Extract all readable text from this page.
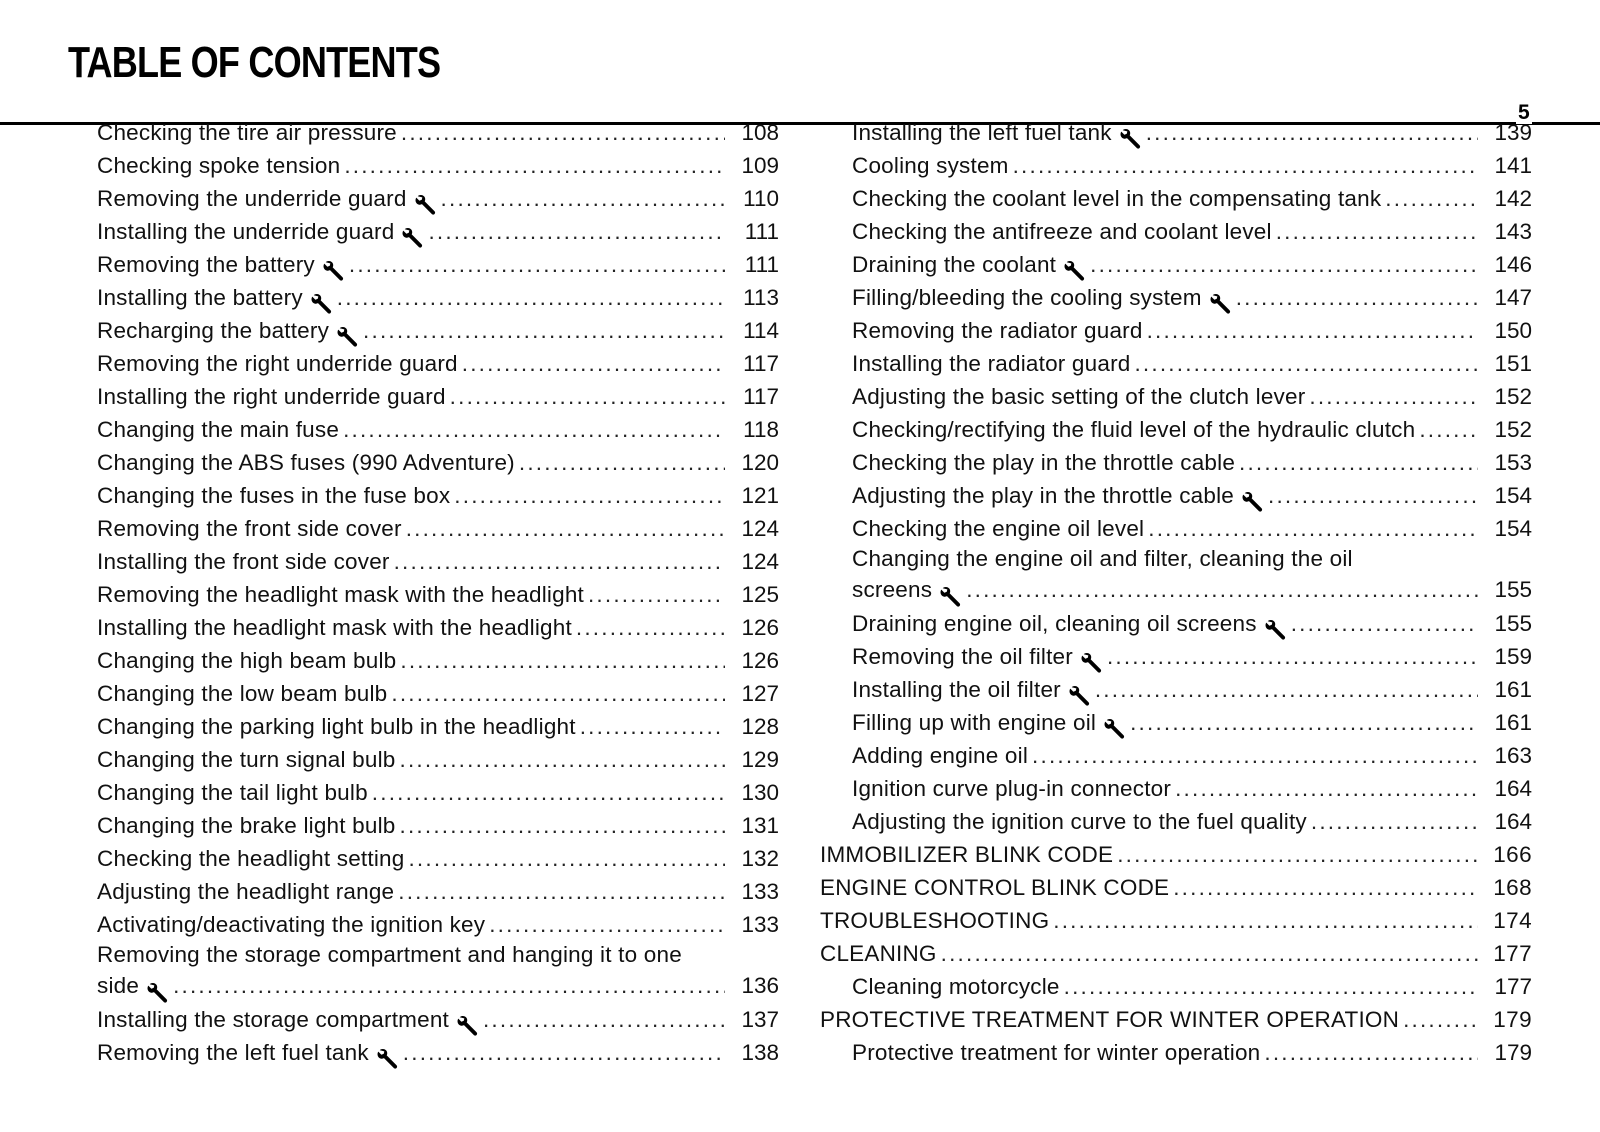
TABLE OF CONTENTS
5
Checking the tire air pressure .....	108
Checking spoke tension .....	109
Removing the underride guard .....	110
Installing the underride guard .....	111
Removing the battery .....	111
Installing the battery .....	113
Recharging the battery .....	114
Removing the right underride guard .....	117
Installing the right underride guard .....	117
Changing the main fuse .....	118
Changing the ABS fuses (990 Adventure) .....	120
Changing the fuses in the fuse box .....	121
Removing the front side cover .....	124
Installing the front side cover .....	124
Removing the headlight mask with the headlight .....	125
Installing the headlight mask with the headlight .....	126
Changing the high beam bulb .....	126
Changing the low beam bulb .....	127
Changing the parking light bulb in the headlight .....	128
Changing the turn signal bulb .....	129
Changing the tail light bulb .....	130
Changing the brake light bulb .....	131
Checking the headlight setting .....	132
Adjusting the headlight range .....	133
Activating/deactivating the ignition key .....	133
Removing the storage compartment and hanging it to one
side .....	136
Installing the storage compartment .....	137
Removing the left fuel tank .....	138
Installing the left fuel tank .....	139
Cooling system .....	141
Checking the coolant level in the compensating tank .....	142
Checking the antifreeze and coolant level .....	143
Draining the coolant .....	146
Filling/bleeding the cooling system .....	147
Removing the radiator guard .....	150
Installing the radiator guard .....	151
Adjusting the basic setting of the clutch lever .....	152
Checking/rectifying the fluid level of the hydraulic clutch .....	152
Checking the play in the throttle cable .....	153
Adjusting the play in the throttle cable .....	154
Checking the engine oil level .....	154
Changing the engine oil and filter, cleaning the oil
screens .....	155
Draining engine oil, cleaning oil screens .....	155
Removing the oil filter .....	159
Installing the oil filter .....	161
Filling up with engine oil .....	161
Adding engine oil .....	163
Ignition curve plug-in connector .....	164
Adjusting the ignition curve to the fuel quality .....	164
IMMOBILIZER BLINK CODE .....	166
ENGINE CONTROL BLINK CODE .....	168
TROUBLESHOOTING .....	174
CLEANING .....	177
Cleaning motorcycle .....	177
PROTECTIVE TREATMENT FOR WINTER OPERATION .....	179
Protective treatment for winter operation .....	179
